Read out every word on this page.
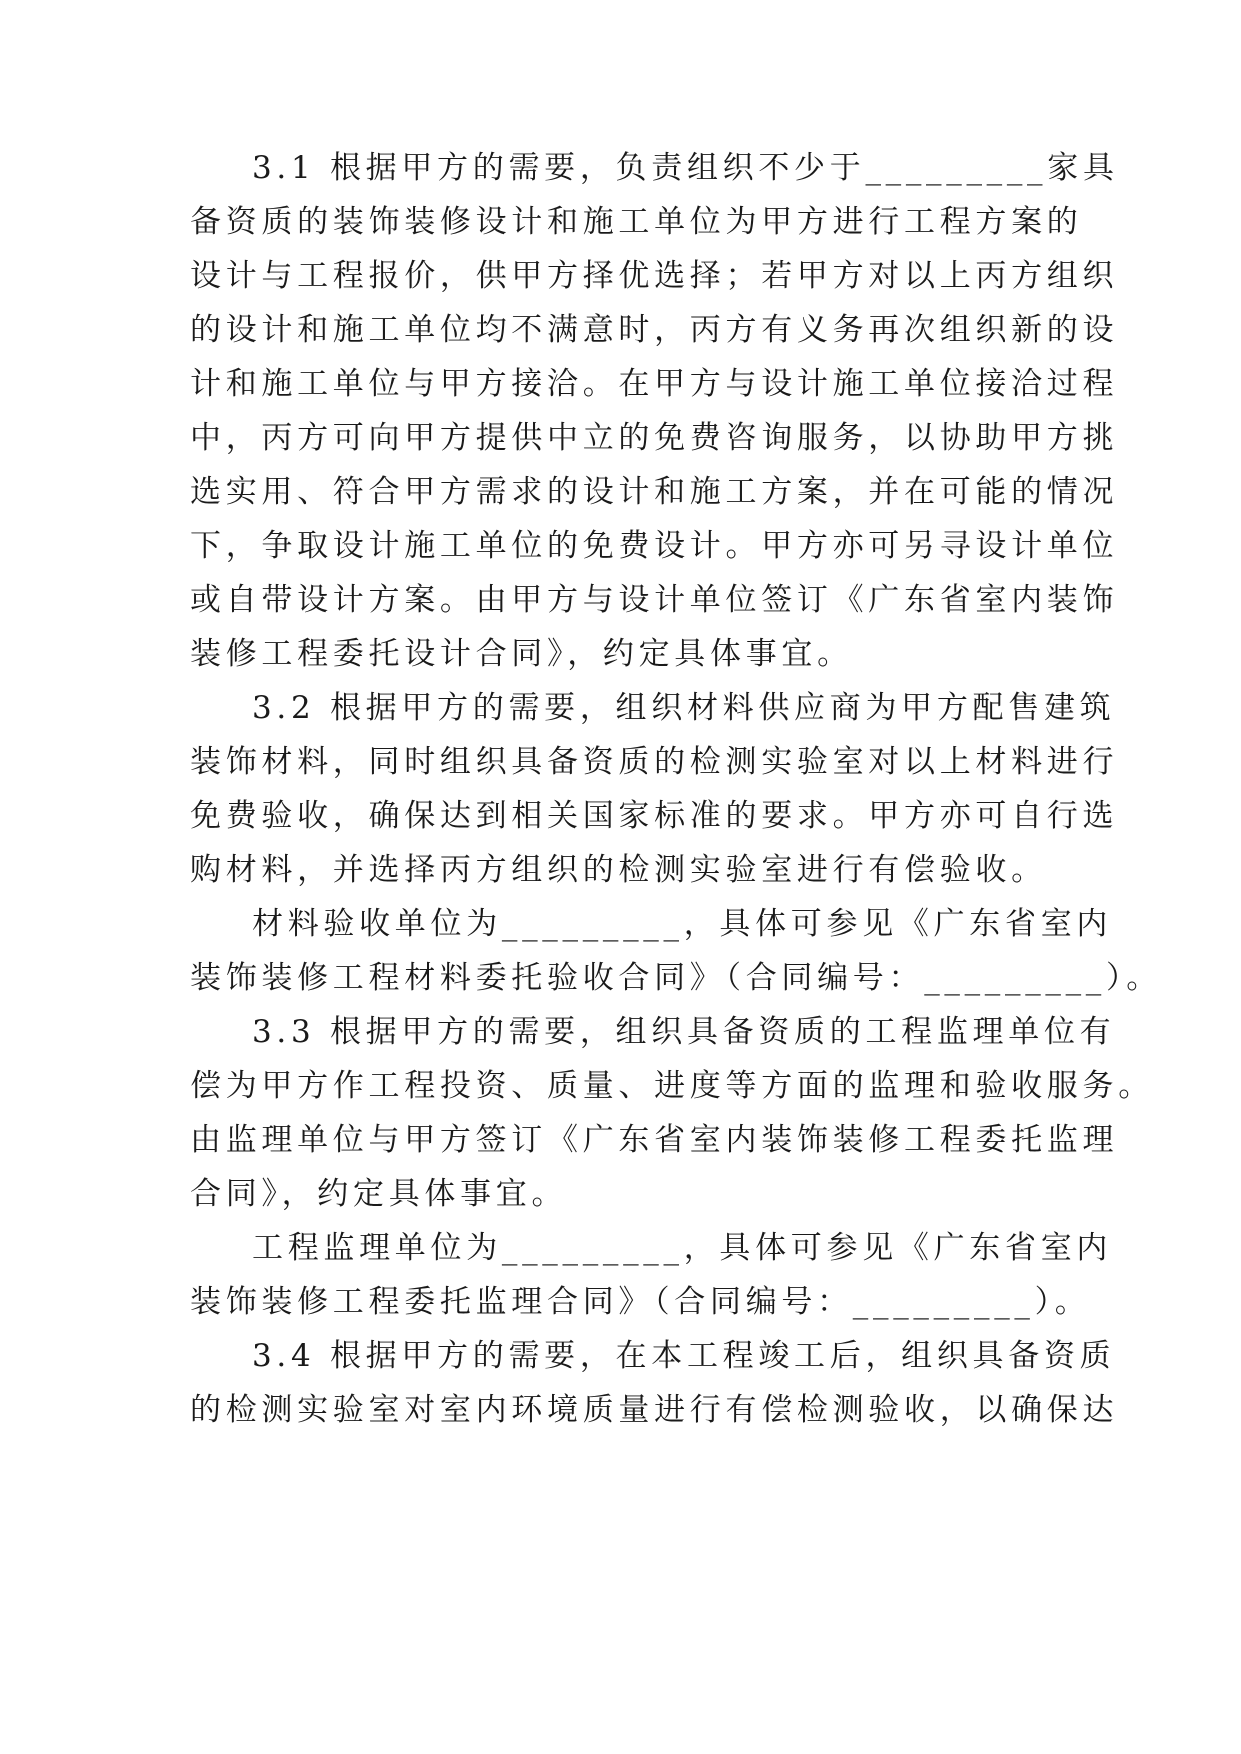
3.1 根据甲方的需要，负责组织不少于_________家具
备资质的装饰装修设计和施工单位为甲方进行工程方案的
设计与工程报价，供甲方择优选择；若甲方对以上丙方组织
的设计和施工单位均不满意时，丙方有义务再次组织新的设
计和施工单位与甲方接洽。在甲方与设计施工单位接洽过程
中，丙方可向甲方提供中立的免费咨询服务，以协助甲方挑
选实用、符合甲方需求的设计和施工方案，并在可能的情况
下，争取设计施工单位的免费设计。甲方亦可另寻设计单位
或自带设计方案。由甲方与设计单位签订《广东省室内装饰
装修工程委托设计合同》，约定具体事宜。
3.2 根据甲方的需要，组织材料供应商为甲方配售建筑
装饰材料，同时组织具备资质的检测实验室对以上材料进行
免费验收，确保达到相关国家标准的要求。甲方亦可自行选
购材料，并选择丙方组织的检测实验室进行有偿验收。
材料验收单位为_________，具体可参见《广东省室内
装饰装修工程材料委托验收合同》（合同编号：_________）。
3.3 根据甲方的需要，组织具备资质的工程监理单位有
偿为甲方作工程投资、质量、进度等方面的监理和验收服务。
由监理单位与甲方签订《广东省室内装饰装修工程委托监理
合同》，约定具体事宜。
工程监理单位为_________，具体可参见《广东省室内
装饰装修工程委托监理合同》（合同编号：_________）。
3.4 根据甲方的需要，在本工程竣工后，组织具备资质
的检测实验室对室内环境质量进行有偿检测验收，以确保达
